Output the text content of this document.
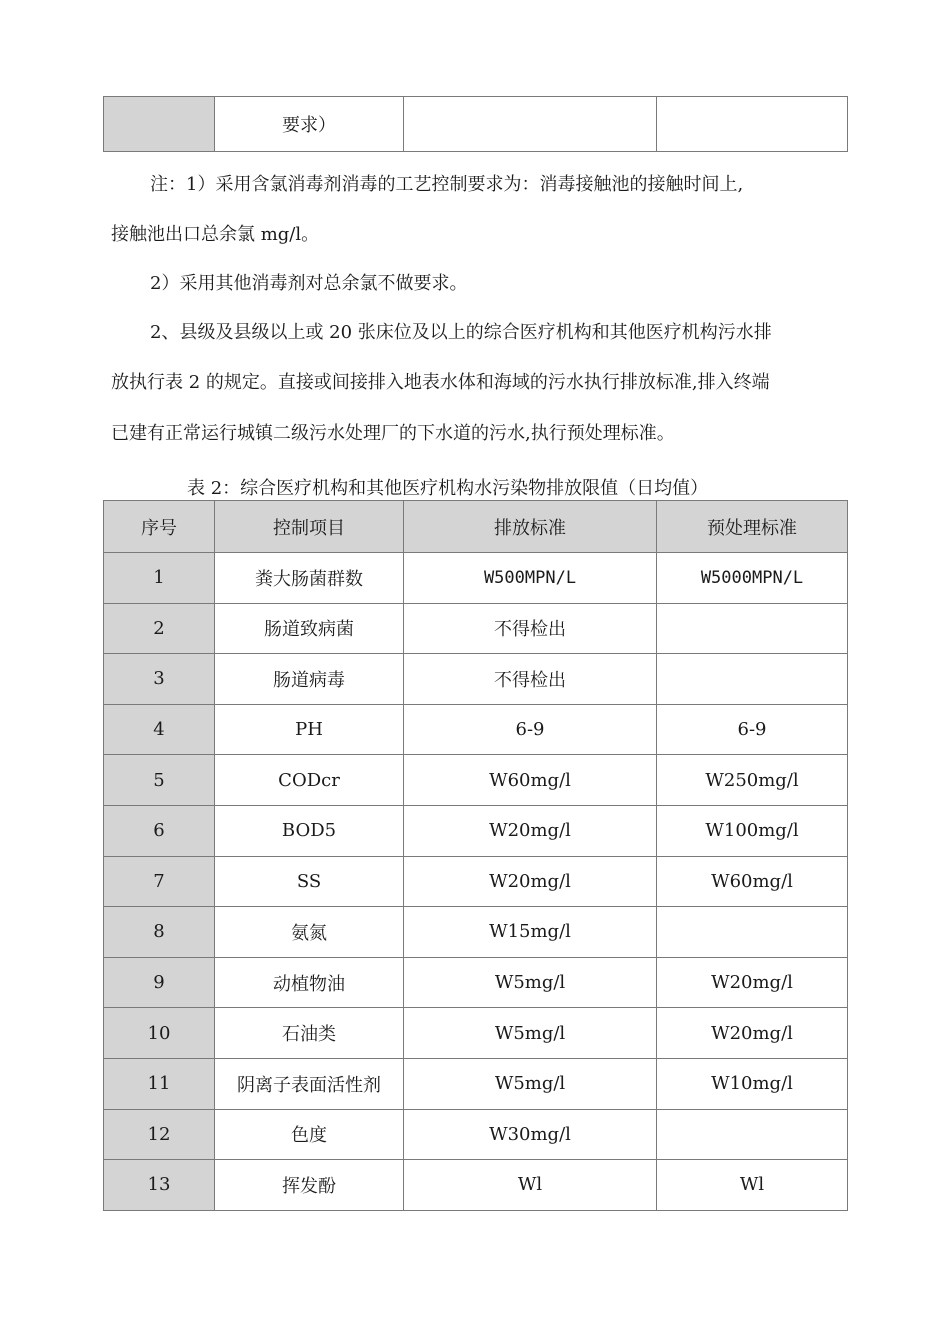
	要求）		
注：1）采用含氯消毒剂消毒的工艺控制要求为：消毒接触池的接触时间上,
接触池出口总余氯 mg/l。
2）采用其他消毒剂对总余氯不做要求。
2、县级及县级以上或 20 张床位及以上的综合医疗机构和其他医疗机构污水排
放执行表 2 的规定。直接或间接排入地表水体和海域的污水执行排放标准,排入终端
已建有正常运行城镇二级污水处理厂的下水道的污水,执行预处理标准。
表 2：综合医疗机构和其他医疗机构水污染物排放限值（日均值）
序号	控制项目	排放标准	预处理标准
1	粪大肠菌群数	W500MPN/L	W5000MPN/L
2	肠道致病菌	不得检出	
3	肠道病毒	不得检出	
4	PH	6-9	6-9
5	CODcr	W60mg/l	W250mg/l
6	BOD5	W20mg/l	W100mg/l
7	SS	W20mg/l	W60mg/l
8	氨氮	W15mg/l	
9	动植物油	W5mg/l	W20mg/l
10	石油类	W5mg/l	W20mg/l
11	阴离子表面活性剂	W5mg/l	W10mg/l
12	色度	W30mg/l	
13	挥发酚	Wl	Wl
